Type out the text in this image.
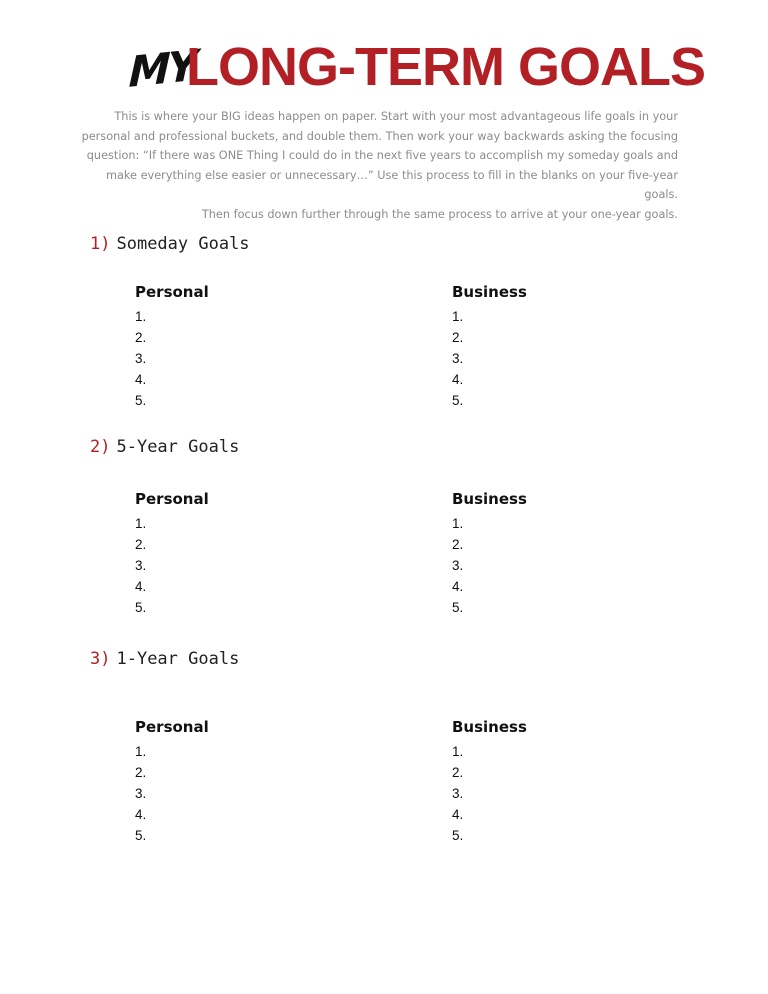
MY
LONG-TERM GOALS
This is where your BIG ideas happen on paper. Start with your most advantageous life goals in your
personal and professional buckets, and double them. Then work your way backwards asking the focusing
question: “If there was ONE Thing I could do in the next five years to accomplish my someday goals and
make everything else easier or unnecessary…” Use this process to fill in the blanks on your five-year goals.
Then focus down further through the same process to arrive at your one-year goals.
1) Someday Goals
Personal
1.
2.
3.
4.
5.
Business
1.
2.
3.
4.
5.
2) 5-Year Goals
Personal
1.
2.
3.
4.
5.
Business
1.
2.
3.
4.
5.
3) 1-Year Goals
Personal
1.
2.
3.
4.
5.
Business
1.
2.
3.
4.
5.
